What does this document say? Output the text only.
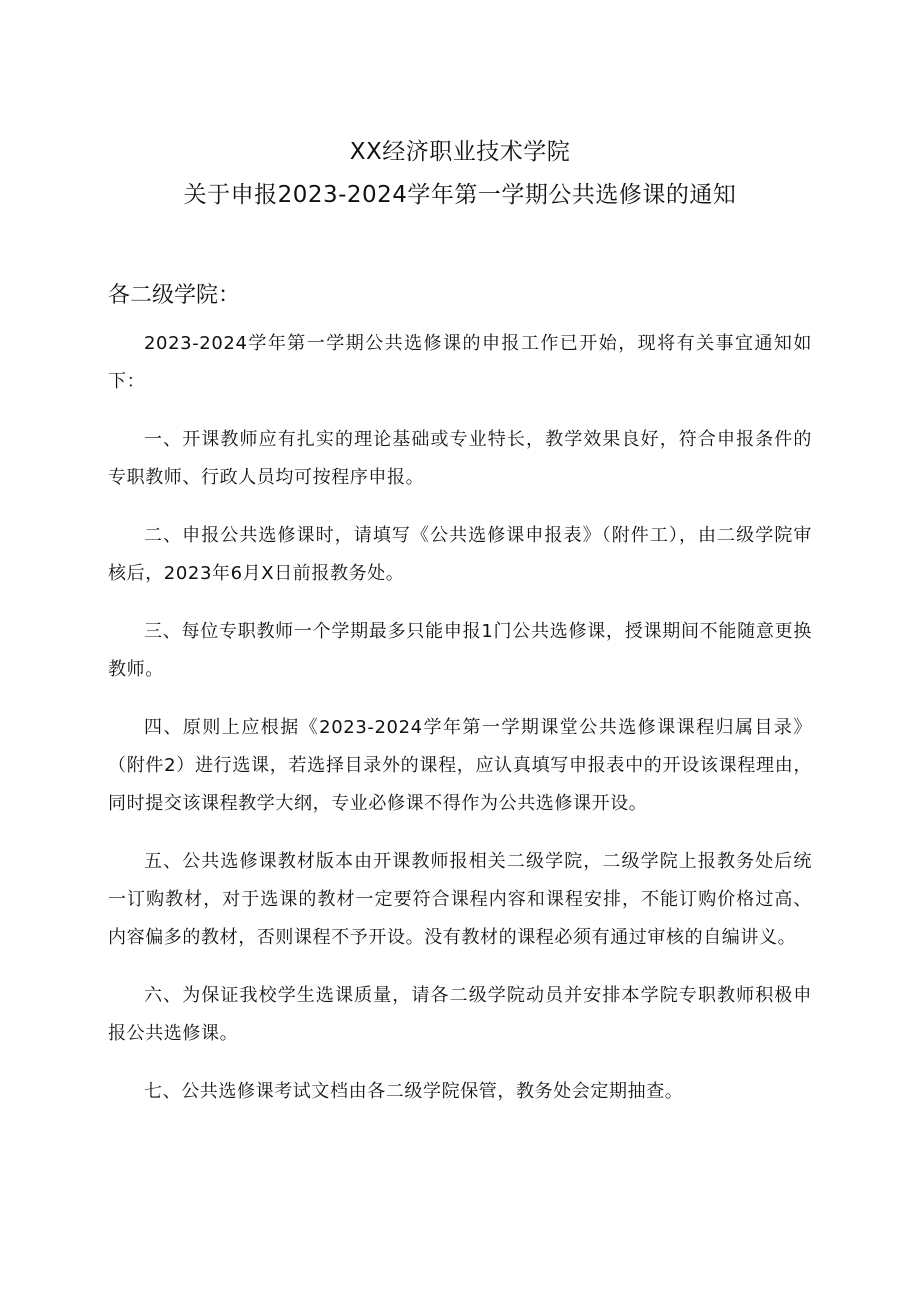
XX经济职业技术学院
关于申报2023-2024学年第一学期公共选修课的通知
各二级学院：

2023-2024学年第一学期公共选修课的申报工作已开始，现将有关事宜通知如下：

一、开课教师应有扎实的理论基础或专业特长，教学效果良好，符合申报条件的专职教师、行政人员均可按程序申报。

二、申报公共选修课时，请填写《公共选修课申报表》（附件工），由二级学院审核后，2023年6月X日前报教务处。

三、每位专职教师一个学期最多只能申报1门公共选修课，授课期间不能随意更换教师。

四、原则上应根据《2023-2024学年第一学期课堂公共选修课课程归属目录》（附件2）进行选课，若选择目录外的课程，应认真填写申报表中的开设该课程理由，同时提交该课程教学大纲，专业必修课不得作为公共选修课开设。

五、公共选修课教材版本由开课教师报相关二级学院，二级学院上报教务处后统一订购教材，对于选课的教材一定要符合课程内容和课程安排，不能订购价格过高、内容偏多的教材，否则课程不予开设。没有教材的课程必须有通过审核的自编讲义。

六、为保证我校学生选课质量，请各二级学院动员并安排本学院专职教师积极申报公共选修课。

七、公共选修课考试文档由各二级学院保管，教务处会定期抽查。
